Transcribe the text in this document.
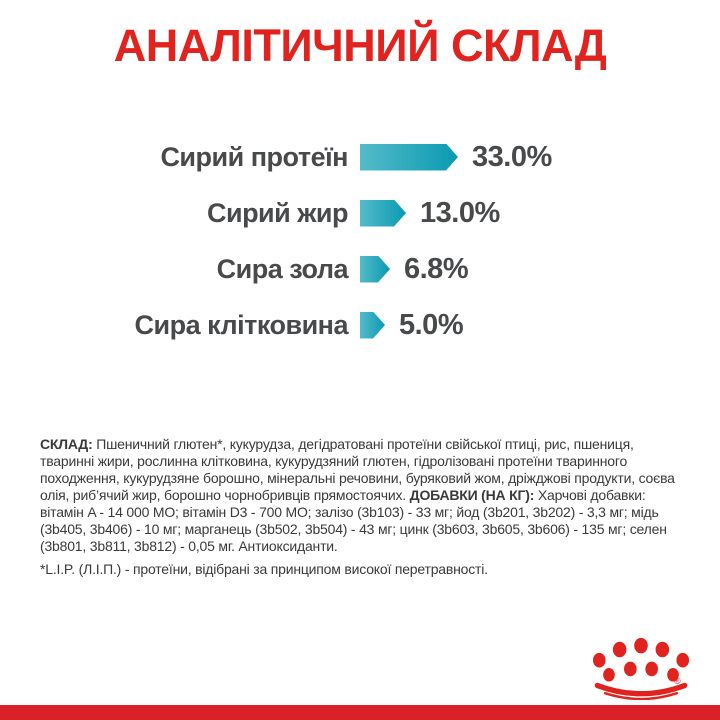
АНАЛІТИЧНИЙ СКЛАД
Сирий протеїн	33.0%
Сирий жир 13.0%
Сира зола 6.8%
Сира клітковина 5.0%

СКЛАД: Пшеничний глютен*, кукурудза, дегідратовані протеїни свійської птиці, рис, пшениця, тваринні жири, рослинна клітковина, кукурудзяний глютен, гідролізовані протеїни тваринного походження, кукурудзяне борошно, мінеральні речовини, буряковий жом, дріжджові продукти, соєва олія, риб’ячий жир, борошно чорнобривців прямостоячих. ДОБАВКИ (НА КГ): Харчові добавки: вітамін A - 14 000 МО; вітамін D3 - 700 МО; залізо (3b103) - 33 мг; йод (3b201, 3b202) - 3,3 мг; мідь (3b405, 3b406) - 10 мг; марганець (3b502, 3b504) - 43 мг; цинк (3b603, 3b605, 3b606) - 135 мг; селен (3b801, 3b811, 3b812) - 0,05 мг. Антиоксиданти.

*L.I.P. (Л.І.П.) - протеїни, відібрані за принципом високої перетравності.

®
